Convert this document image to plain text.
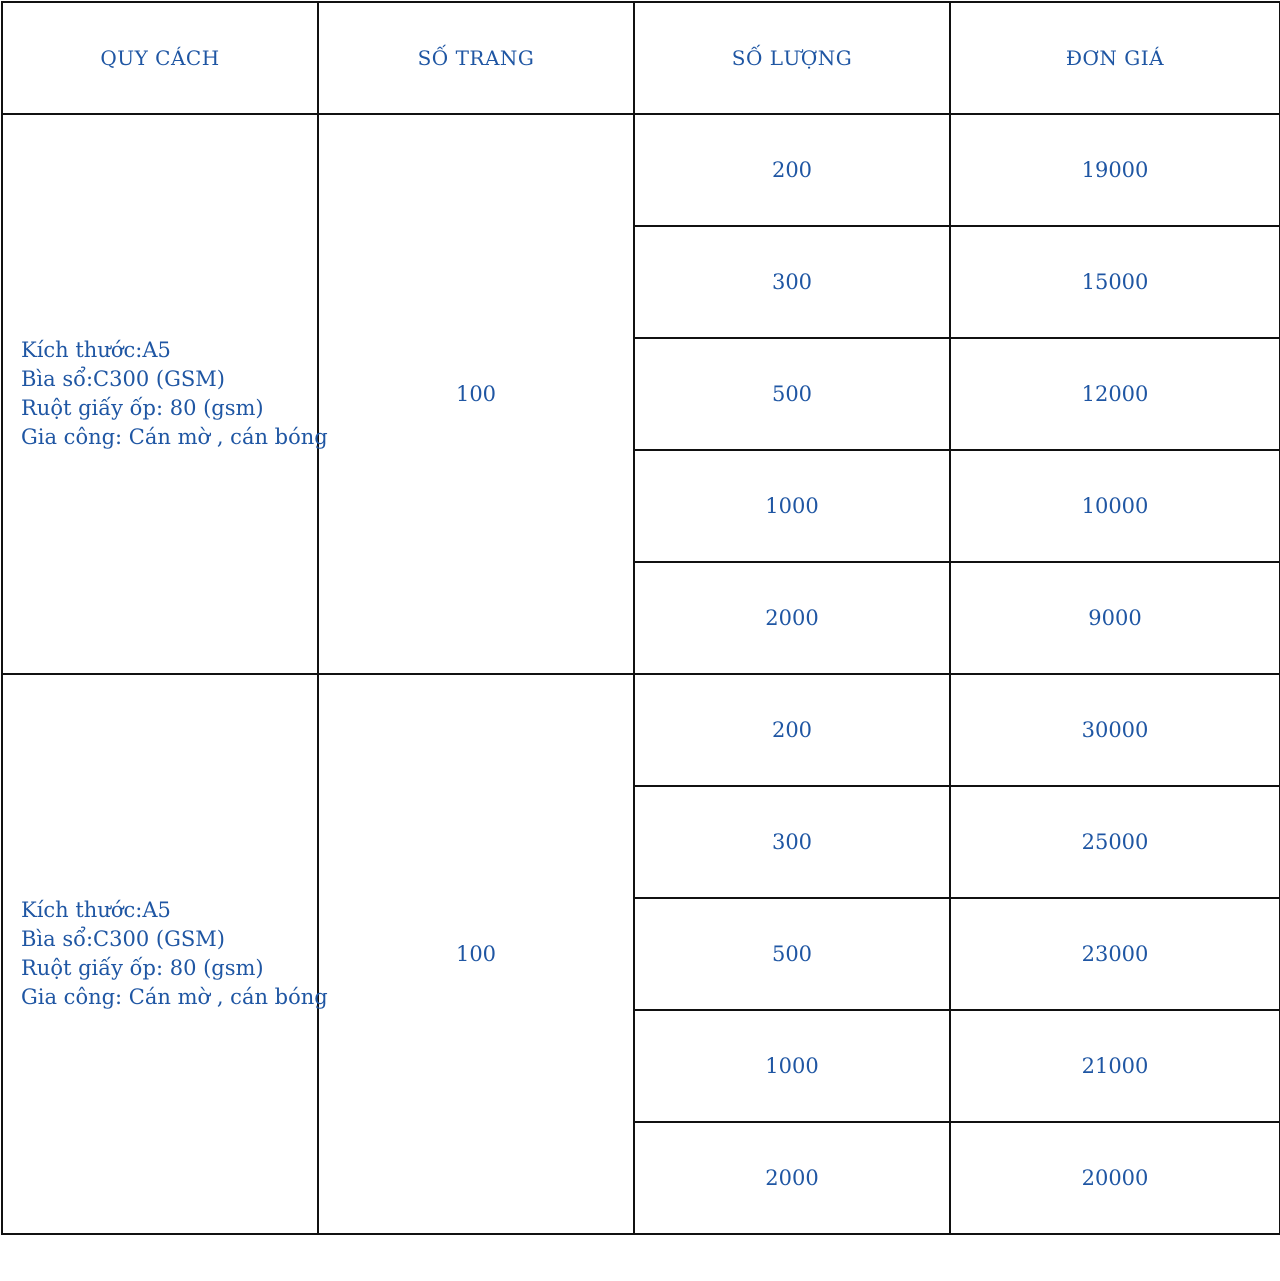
QUY CÁCH	SỐ TRANG	SỐ LƯỢNG	ĐƠN GIÁ

Kích thước:A5
Bìa sổ:C300 (GSM)
Ruột giấy ốp: 80 (gsm)
Gia công: Cán mờ , cán bóng	100	200	19000
		300	15000
		500	12000
		1000	10000
		2000	9000

Kích thước:A5
Bìa sổ:C300 (GSM)
Ruột giấy ốp: 80 (gsm)
Gia công: Cán mờ , cán bóng	100	200	30000
		300	25000
		500	23000
		1000	21000
		2000	20000
